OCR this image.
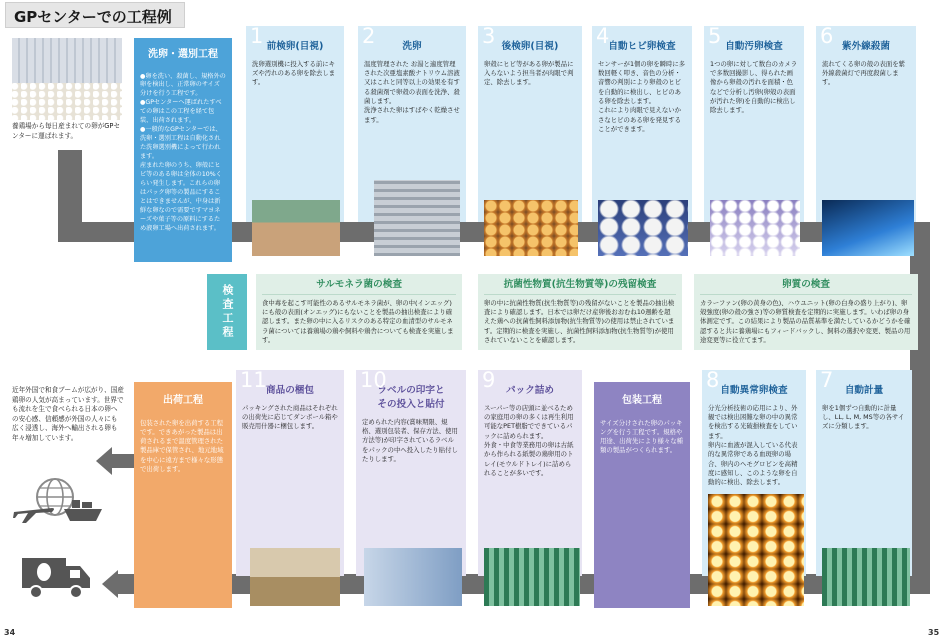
GPセンターでの工程例
養鶏場から毎日産まれての卵がGPセンターに運ばれます。
洗卵・選別工程
●卵を洗い、殺菌し、規格外の卵を検出し、正常卵のサイズ分けを行う工程です。
●GPセンターへ運ばれたすべての卵はこの工程を経て包装、出荷されます。
●一般的なGPセンターでは、洗卵・選別工程は自動化された洗卵選別機によって行われます。
産まれた卵のうち、卵殻にヒビ等のある卵は全体の10%くらい発生します。これらの卵はパック卵等の製品にすることはできませんが、中身は新鮮な卵なので需要ですマヨネーズや菓子等の原料にするため液卵工場へ出荷されます。
1 前検卵(目視)
洗卵選別機に投入する前にキズや汚れのある卵を除去します。
2	洗卵
温度管理された お湯と適度管理された次亜塩素酸ナトリウム溶液又はこれと同等以上の効果を有する殺菌剤で卵殻の表面を洗浄、殺菌します。
洗浄された卵はすばやく乾燥させます。
3 後検卵(目視)
卵殻にヒビ等がある卵が製品に入らないよう担当者が肉眼で判定、除去します。
4 自動ヒビ卵検査
センサーが1個の卵を瞬時に多数回軽く叩き、音色の分析・音響の判別により卵殻のヒビを自動的に検出し、ヒビのある卵を除去します。
これにより肉眼で見えないかさなヒビのある卵を発見することができます。
5 自動汚卵検査
1つの卵に対して数台のカメラで多数回撮影し、得られた画像から卵殻の汚れを面積・色などで分析し汚卵(卵殻の表面が汚れた卵)を自動的に検出し除去します。
6 紫外線殺菌
流れてくる卵の殻の表面を紫外線殺菌灯で再度殺菌します。
検査工程	サルモネラ菌の検査
食中毒を起こす可能性のあるサルモネラ菌が、卵の中(インエッグ)にも殻の表面(オンエッグ)にもないことを製品の抽出検査により確認します。また卵の中に入るリスクのある特定の血清型のサルモネラ菌については養鶏場の鶏や飼料や鶏舎についても検査を実施します。
抗菌性物質(抗生物質等)の残留検査
卵の中に抗菌性物質(抗生物質等)の残留がないことを製品の抽出検査により確認します。日本では卵だけ産卵後おおむね10週齢を超えた鶏への抗菌性飼料添加物(抗生物質等)の使用は禁止されています。定期的に検査を実施し、抗菌性飼料添加物(抗生物質等)が使用されていないことを確認します。
卵質の検査
カラーファン(卵の黄身の色)、ハウユニット(卵の白身の盛り上がり)、卵殻強度(卵の殻の強さ)等の卵質検査を定期的に実施します。いわば卵の身体測定です。この結果により製品の品質基準を満たしているかどうかを確認すると共に養鶏場にもフィードバックし、飼料の選択や変更、製品の用途変更等に役立てます。
近年外国で和食ブームが広がり、国産鶏卵の人気が高まっています。世界でも流れを生で食べられる日本の卵への安心感、信頼感が外国の人々にも広く浸透し、海外へ輸出される卵も年々増加しています。
出荷工程
包装された卵を出荷する工程です。できあがった製品は出荷されるまで温度管理された製品庫で保管され、地元地域を中心に遠方まで様々な形態で出荷します。
11 商品の梱包
パッキングされた商品はそれぞれの出荷先に応じてダンボール箱や販売用什器に梱包します。
10
ラベルの印字と
その投入と貼付
定められた内容(賞味期限、規格、選別包装者、保存方法、使用方法等)が印字されているラベルをパックの中へ投入したり貼付したりします。
9	パック詰め
スーパー等の店頭に並べるための家庭用の卵の多くは再生利用可能なPET樹脂でできているパックに詰められます。
外食・中食等業務用の卵は古紙から作られる紙製の鶏卵用のトレイ(モウルドトレイ)に詰められることが多いです。
包装工程
サイズ分けされた卵のパッキングを行う工程です。規格や用途、出荷先により様々な種類の製品がつくられます。
8 自動異常卵検査
分光分析技術の応用により、外観では検出困難な卵の中の異常を検出する光破損検査をしています。
卵内に血液が混入している代表的な異常卵である血斑卵の場合、卵内のヘモグロビンを高精度に感知し、このような卵を自動的に検出、除去します。
7	自動計量
卵を1個ずつ自動的に計量し、LL, L, M, MS等の各サイズに分類します。
34	35
